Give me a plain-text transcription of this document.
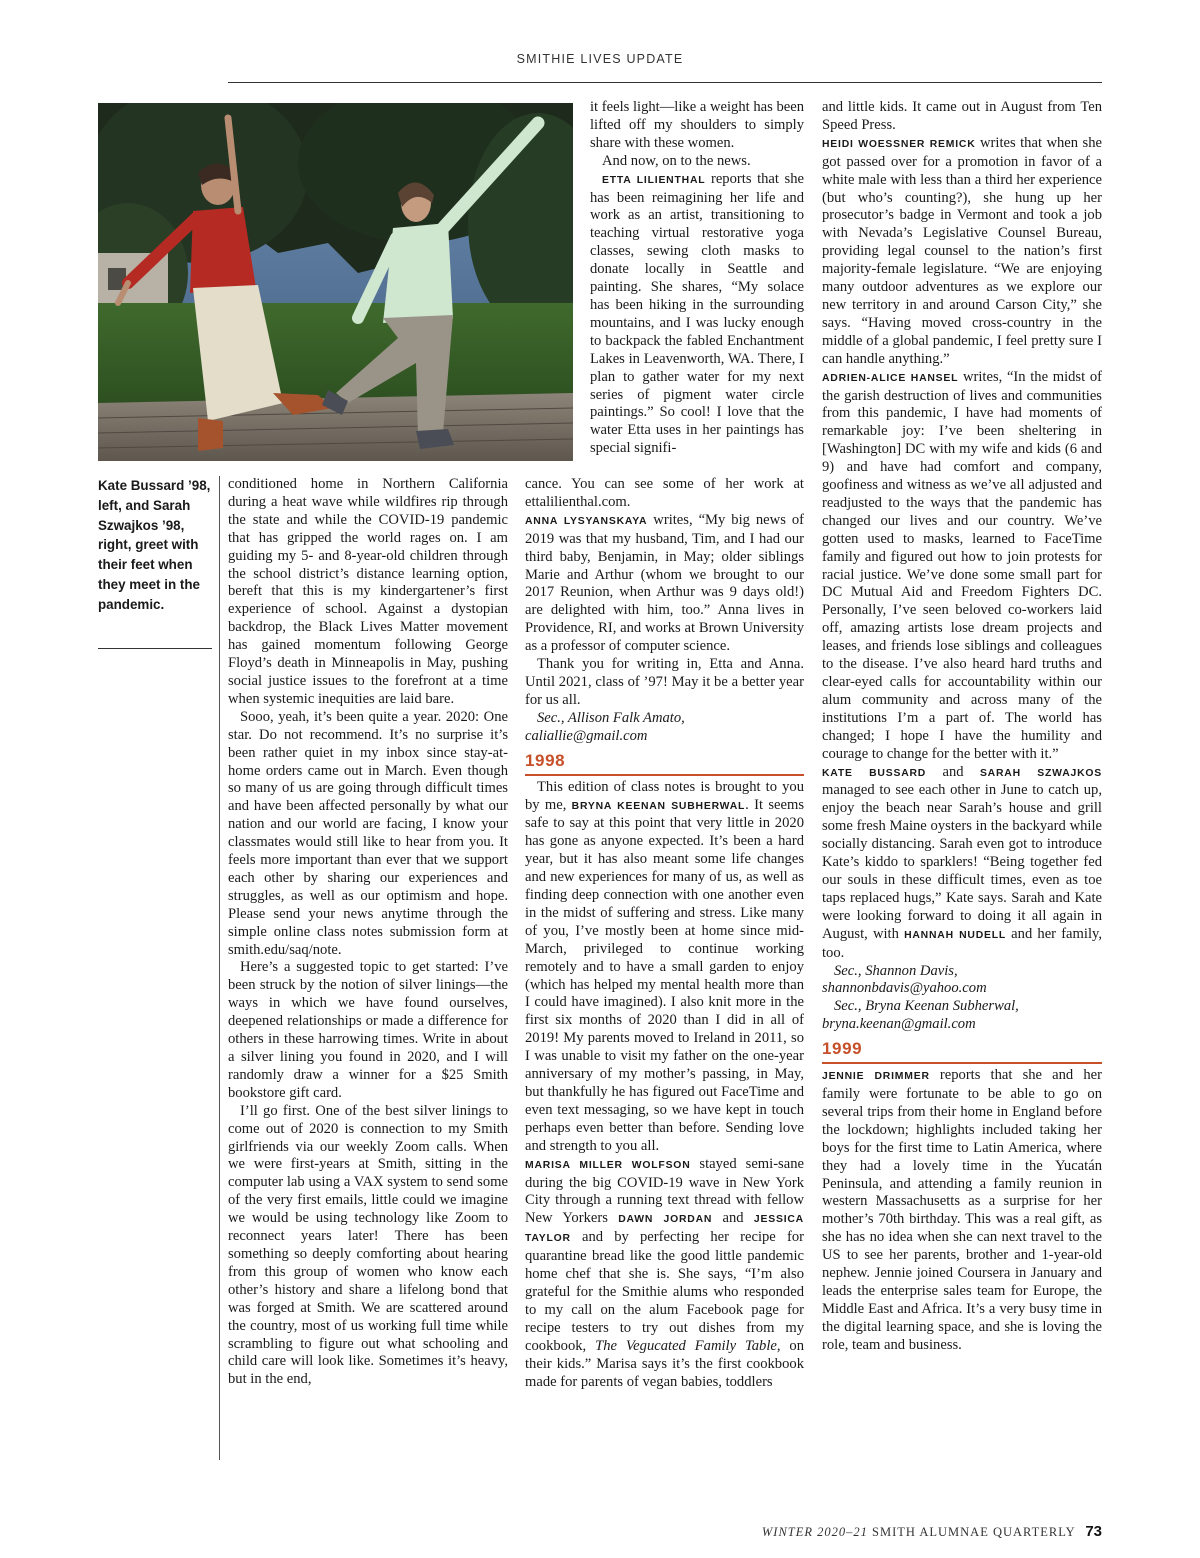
SMITHIE LIVES UPDATE
Kate Bussard ’98, left, and Sarah Szwajkos ’98, right, greet with their feet when they meet in the pandemic.

conditioned home in Northern California during a heat wave while wildfires rip through the state and while the COVID-19 pandemic that has gripped the world rages on. I am guiding my 5- and 8-year-old children through the school district’s distance learning option, bereft that this is my kindergartener’s first experience of school. Against a dystopian backdrop, the Black Lives Matter movement has gained momentum following George Floyd’s death in Minneapolis in May, pushing social justice issues to the forefront at a time when systemic inequities are laid bare.

Sooo, yeah, it’s been quite a year. 2020: One star. Do not recommend. It’s no surprise it’s been rather quiet in my inbox since stay-at-home orders came out in March. Even though so many of us are going through difficult times and have been affected personally by what our nation and our world are facing, I know your classmates would still like to hear from you. It feels more important than ever that we support each other by sharing our experiences and struggles, as well as our optimism and hope. Please send your news anytime through the simple online class notes submission form at smith.edu/saq/note.

Here’s a suggested topic to get started: I’ve been struck by the notion of silver linings—the ways in which we have found ourselves, deepened relationships or made a difference for others in these harrowing times. Write in about a silver lining you found in 2020, and I will randomly draw a winner for a $25 Smith bookstore gift card.

I’ll go first. One of the best silver linings to come out of 2020 is connection to my Smith girlfriends via our weekly Zoom calls. When we were first-years at Smith, sitting in the computer lab using a VAX system to send some of the very first emails, little could we imagine we would be using technology like Zoom to reconnect years later! There has been something so deeply comforting about hearing from this group of women who know each other’s history and share a lifelong bond that was forged at Smith. We are scattered around the country, most of us working full time while scrambling to figure out what schooling and child care will look like. Sometimes it’s heavy, but in the end,

it feels light—like a weight has been lifted off my shoulders to simply share with these women.

And now, on to the news.

ETTA LILIENTHAL reports that she has been reimagining her life and work as an artist, transitioning to teaching virtual restorative yoga classes, sewing cloth masks to donate locally in Seattle and painting. She shares, “My solace has been hiking in the surrounding mountains, and I was lucky enough to backpack the fabled Enchantment Lakes in Leavenworth, WA. There, I plan to gather water for my next series of pigment water circle paintings.” So cool! I love that the water Etta uses in her paintings has special signifi-

cance. You can see some of her work at ettalilienthal.com.

ANNA LYSYANSKAYA writes, “My big news of 2019 was that my husband, Tim, and I had our third baby, Benjamin, in May; older siblings Marie and Arthur (whom we brought to our 2017 Reunion, when Arthur was 9 days old!) are delighted with him, too.” Anna lives in Providence, RI, and works at Brown University as a professor of computer science.

Thank you for writing in, Etta and Anna. Until 2021, class of ’97! May it be a better year for us all.

Sec., Allison Falk Amato,

caliallie@gmail.com

1998

This edition of class notes is brought to you by me, BRYNA KEENAN SUBHERWAL. It seems safe to say at this point that very little in 2020 has gone as anyone expected. It’s been a hard year, but it has also meant some life changes and new experiences for many of us, as well as finding deep connection with one another even in the midst of suffering and stress. Like many of you, I’ve mostly been at home since mid-March, privileged to continue working remotely and to have a small garden to enjoy (which has helped my mental health more than I could have imagined). I also knit more in the first six months of 2020 than I did in all of 2019! My parents moved to Ireland in 2011, so I was unable to visit my father on the one-year anniversary of my mother’s passing, in May, but thankfully he has figured out FaceTime and even text messaging, so we have kept in touch perhaps even better than before. Sending love and strength to you all.

MARISA MILLER WOLFSON stayed semi-sane during the big COVID-19 wave in New York City through a running text thread with fellow New Yorkers DAWN JORDAN and JESSICA TAYLOR and by perfecting her recipe for quarantine bread like the good little pandemic home chef that she is. She says, “I’m also grateful for the Smithie alums who responded to my call on the alum Facebook page for recipe testers to try out dishes from my cookbook, The Vegucated Family Table, on their kids.” Marisa says it’s the first cookbook made for parents of vegan babies, toddlers

and little kids. It came out in August from Ten Speed Press.

HEIDI WOESSNER REMICK writes that when she got passed over for a promotion in favor of a white male with less than a third her experience (but who’s counting?), she hung up her prosecutor’s badge in Vermont and took a job with Nevada’s Legislative Counsel Bureau, providing legal counsel to the nation’s first majority-female legislature. “We are enjoying many outdoor adventures as we explore our new territory in and around Carson City,” she says. “Having moved cross-country in the middle of a global pandemic, I feel pretty sure I can handle anything.”

ADRIEN-ALICE HANSEL writes, “In the midst of the garish destruction of lives and communities from this pandemic, I have had moments of remarkable joy: I’ve been sheltering in [Washington] DC with my wife and kids (6 and 9) and have had comfort and company, goofiness and witness as we’ve all adjusted and readjusted to the ways that the pandemic has changed our lives and our country. We’ve gotten used to masks, learned to FaceTime family and figured out how to join protests for racial justice. We’ve done some small part for DC Mutual Aid and Freedom Fighters DC. Personally, I’ve seen beloved co-workers laid off, amazing artists lose dream projects and leases, and friends lose siblings and colleagues to the disease. I’ve also heard hard truths and clear-eyed calls for accountability within our alum community and across many of the institutions I’m a part of. The world has changed; I hope I have the humility and courage to change for the better with it.”

KATE BUSSARD and SARAH SZWAJKOS managed to see each other in June to catch up, enjoy the beach near Sarah’s house and grill some fresh Maine oysters in the backyard while socially distancing. Sarah even got to introduce Kate’s kiddo to sparklers! “Being together fed our souls in these difficult times, even as toe taps replaced hugs,” Kate says. Sarah and Kate were looking forward to doing it all again in August, with HANNAH NUDELL and her family, too.

Sec., Shannon Davis,

shannonbdavis@yahoo.com

Sec., Bryna Keenan Subherwal,

bryna.keenan@gmail.com

1999

JENNIE DRIMMER reports that she and her family were fortunate to be able to go on several trips from their home in England before the lockdown; highlights included taking her boys for the first time to Latin America, where they had a lovely time in the Yucatán Peninsula, and attending a family reunion in western Massachusetts as a surprise for her mother’s 70th birthday. This was a real gift, as she has no idea when she can next travel to the US to see her parents, brother and 1-year-old nephew. Jennie joined Coursera in January and leads the enterprise sales team for Europe, the Middle East and Africa. It’s a very busy time in the digital learning space, and she is loving the role, team and business.

WINTER 2020–21 SMITH ALUMNAE QUARTERLY 73
